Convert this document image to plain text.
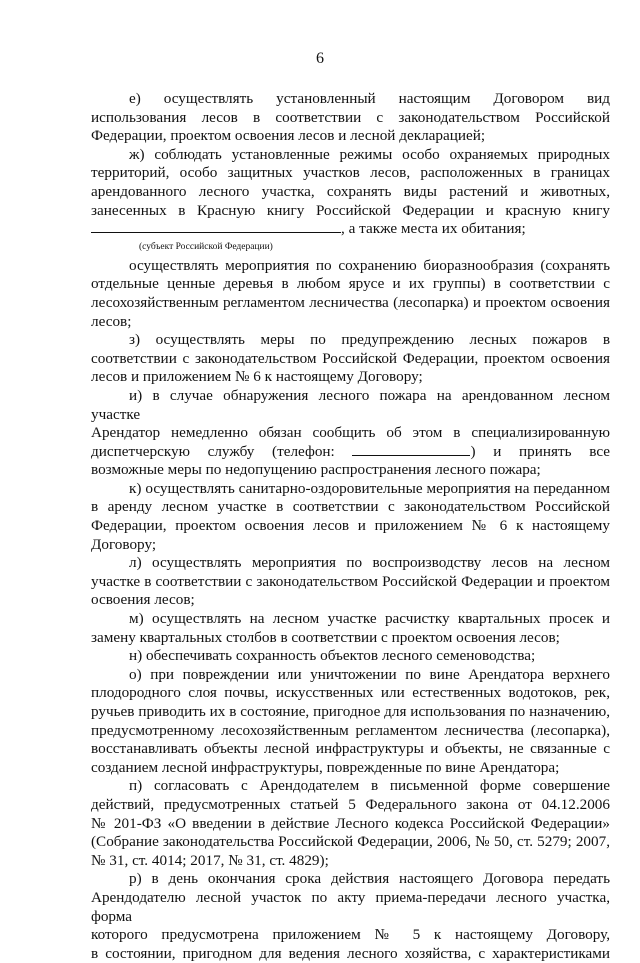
6
е) осуществлять установленный настоящим Договором вид
использования лесов в соответствии с законодательством Российской
Федерации, проектом освоения лесов и лесной декларацией;
ж) соблюдать установленные режимы особо охраняемых природных
территорий, особо защитных участков лесов, расположенных в границах
арендованного лесного участка, сохранять виды растений и животных,
занесенных в Красную книгу Российской Федерации и красную книгу
, а также места их обитания;
(субъект Российской Федерации)
осуществлять мероприятия по сохранению биоразнообразия (сохранять
отдельные ценные деревья в любом ярусе и их группы) в соответствии с
лесохозяйственным регламентом лесничества (лесопарка) и проектом освоения
лесов;
з) осуществлять меры по предупреждению лесных пожаров в
соответствии с законодательством Российской Федерации, проектом освоения
лесов и приложением № 6 к настоящему Договору;
и) в случае обнаружения лесного пожара на арендованном лесном участке
Арендатор немедленно обязан сообщить об этом в специализированную
диспетчерскую службу (телефон:	) и принять все
возможные меры по недопущению распространения лесного пожара;
к) осуществлять санитарно-оздоровительные мероприятия на переданном
в аренду лесном участке в соответствии с законодательством Российской
Федерации, проектом освоения лесов и приложением № 6 к настоящему
Договору;
л) осуществлять мероприятия по воспроизводству лесов на лесном
участке в соответствии с законодательством Российской Федерации и проектом
освоения лесов;
м) осуществлять на лесном участке расчистку квартальных просек и
замену квартальных столбов в соответствии с проектом освоения лесов;
н) обеспечивать сохранность объектов лесного семеноводства;
о) при повреждении или уничтожении по вине Арендатора верхнего
плодородного слоя почвы, искусственных или естественных водотоков, рек,
ручьев приводить их в состояние, пригодное для использования по назначению,
предусмотренному лесохозяйственным регламентом лесничества (лесопарка),
восстанавливать объекты лесной инфраструктуры и объекты, не связанные с
созданием лесной инфраструктуры, поврежденные по вине Арендатора;
п) согласовать с Арендодателем в письменной форме совершение
действий, предусмотренных статьей 5 Федерального закона от 04.12.2006
№ 201-ФЗ «О введении в действие Лесного кодекса Российской Федерации»
(Собрание законодательства Российской Федерации, 2006, № 50, ст. 5279; 2007,
№ 31, ст. 4014; 2017, № 31, ст. 4829);
р) в день окончания срока действия настоящего Договора передать
Арендодателю лесной участок по акту приема-передачи лесного участка, форма
которого предусмотрена приложением № 5 к настоящему Договору,
в состоянии, пригодном для ведения лесного хозяйства, с характеристиками
